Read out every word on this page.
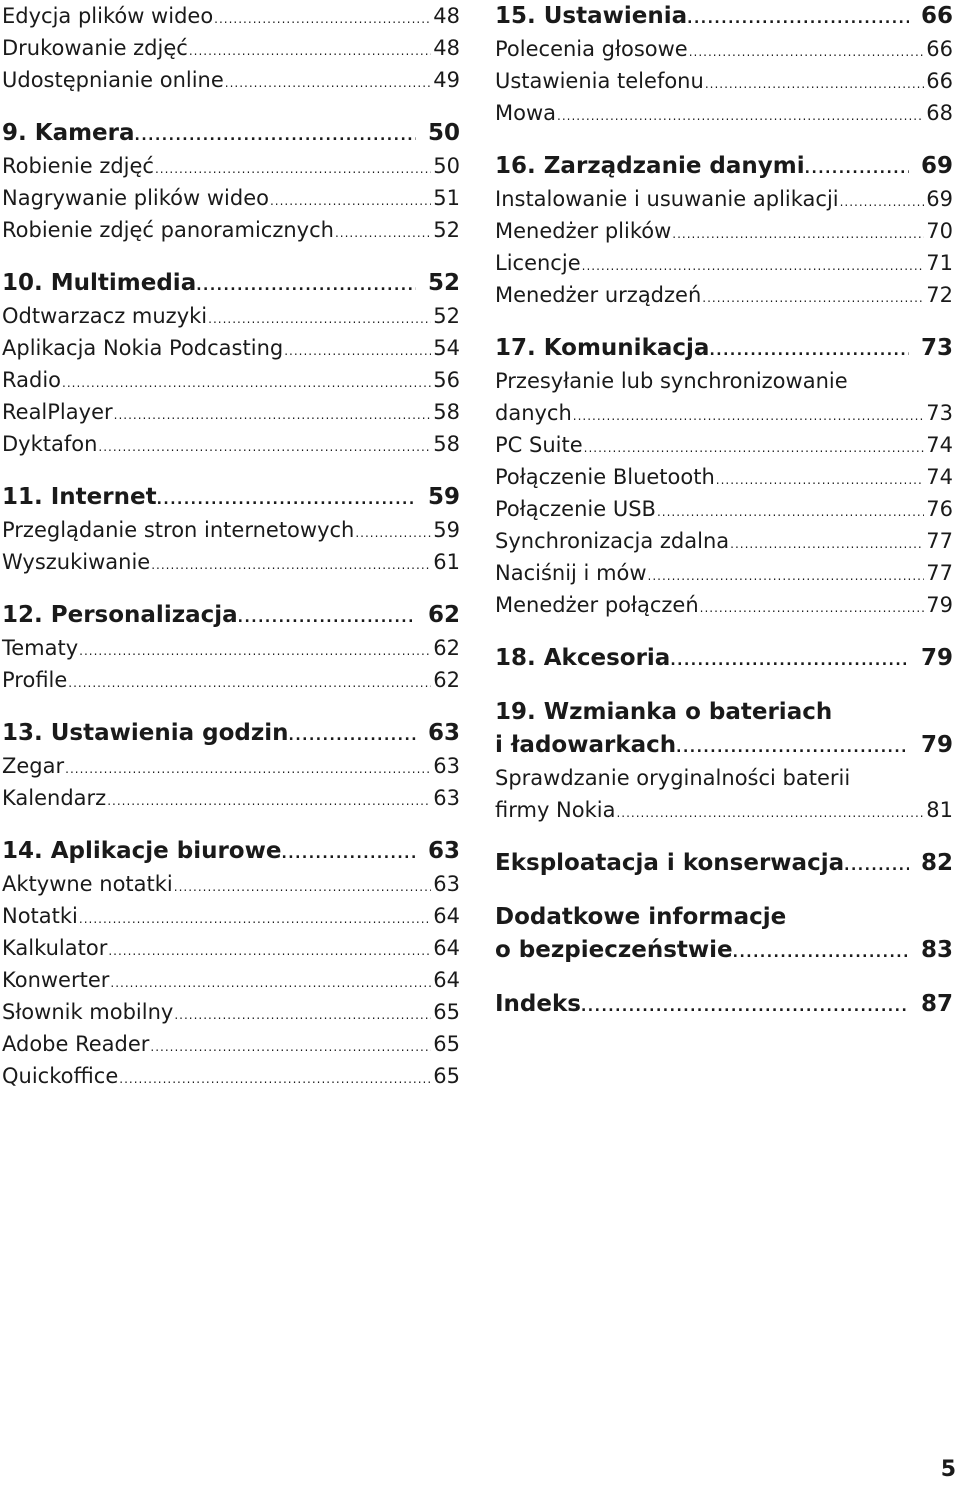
Edycja plików wideo .....	48
Drukowanie zdjęć .....	48
Udostępnianie online .....	49
9. Kamera .....	50
Robienie zdjęć .....	50
Nagrywanie plików wideo .....	51
Robienie zdjęć panoramicznych .....	52
10. Multimedia .....	52
Odtwarzacz muzyki .....	52
Aplikacja Nokia Podcasting .....	54
Radio .....	56
RealPlayer .....	58
Dyktafon .....	58
11. Internet .....	59
Przeglądanie stron internetowych .....	59
Wyszukiwanie .....	61
12. Personalizacja .....	62
Tematy .....	62
Profile .....	62
13. Ustawienia godzin .....	63
Zegar .....	63
Kalendarz .....	63
14. Aplikacje biurowe .....	63
Aktywne notatki .....	63
Notatki .....	64
Kalkulator .....	64
Konwerter .....	64
Słownik mobilny .....	65
Adobe Reader .....	65
Quickoffice .....	65
15. Ustawienia .....	66
Polecenia głosowe .....	66
Ustawienia telefonu .....	66
Mowa .....	68
16. Zarządzanie danymi .....	69
Instalowanie i usuwanie aplikacji .....	69
Menedżer plików .....	70
Licencje .....	71
Menedżer urządzeń .....	72
17. Komunikacja .....	73
Przesyłanie lub synchronizowanie
danych .....	73
PC Suite .....	74
Połączenie Bluetooth .....	74
Połączenie USB .....	76
Synchronizacja zdalna .....	77
Naciśnij i mów .....	77
Menedżer połączeń .....	79
18. Akcesoria .....	79
19. Wzmianka o bateriach
i ładowarkach .....	79
Sprawdzanie oryginalności baterii
firmy Nokia .....	81
Eksploatacja i konserwacja .....	82
Dodatkowe informacje
o bezpieczeństwie .....	83
Indeks .....	87
5
